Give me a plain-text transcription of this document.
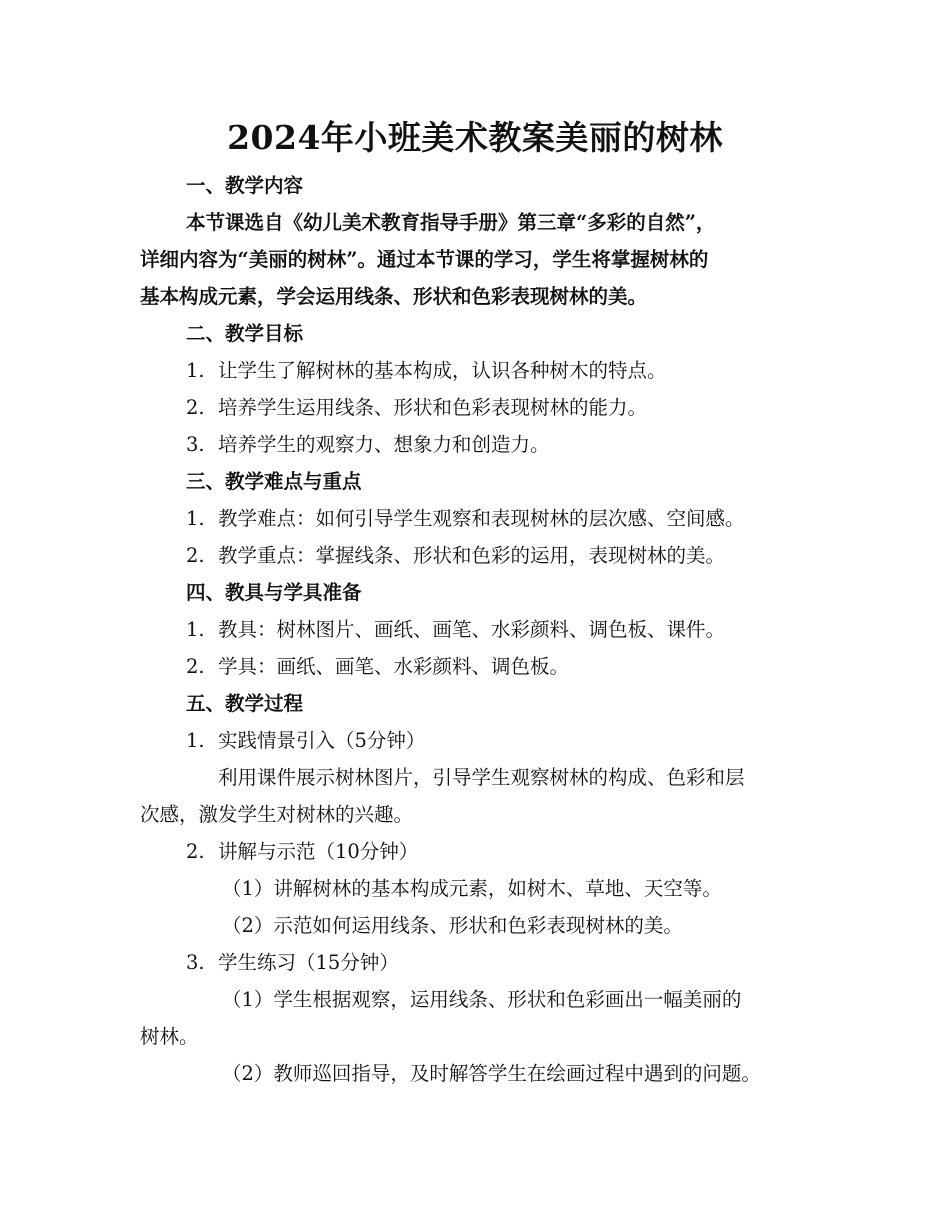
2024年小班美术教案美丽的树林
一、教学内容
本节课选自《幼儿美术教育指导手册》第三章“多彩的自然”，
详细内容为“美丽的树林”。通过本节课的学习，学生将掌握树林的
基本构成元素，学会运用线条、形状和色彩表现树林的美。
二、教学目标
1. 让学生了解树林的基本构成，认识各种树木的特点。
2. 培养学生运用线条、形状和色彩表现树林的能力。
3. 培养学生的观察力、想象力和创造力。
三、教学难点与重点
1. 教学难点：如何引导学生观察和表现树林的层次感、空间感。
2. 教学重点：掌握线条、形状和色彩的运用，表现树林的美。
四、教具与学具准备
1. 教具：树林图片、画纸、画笔、水彩颜料、调色板、课件。
2. 学具：画纸、画笔、水彩颜料、调色板。
五、教学过程
1. 实践情景引入（5分钟）
利用课件展示树林图片，引导学生观察树林的构成、色彩和层
次感，激发学生对树林的兴趣。
2. 讲解与示范（10分钟）
（1）讲解树林的基本构成元素，如树木、草地、天空等。
（2）示范如何运用线条、形状和色彩表现树林的美。
3. 学生练习（15分钟）
（1）学生根据观察，运用线条、形状和色彩画出一幅美丽的
树林。
（2）教师巡回指导，及时解答学生在绘画过程中遇到的问题。
